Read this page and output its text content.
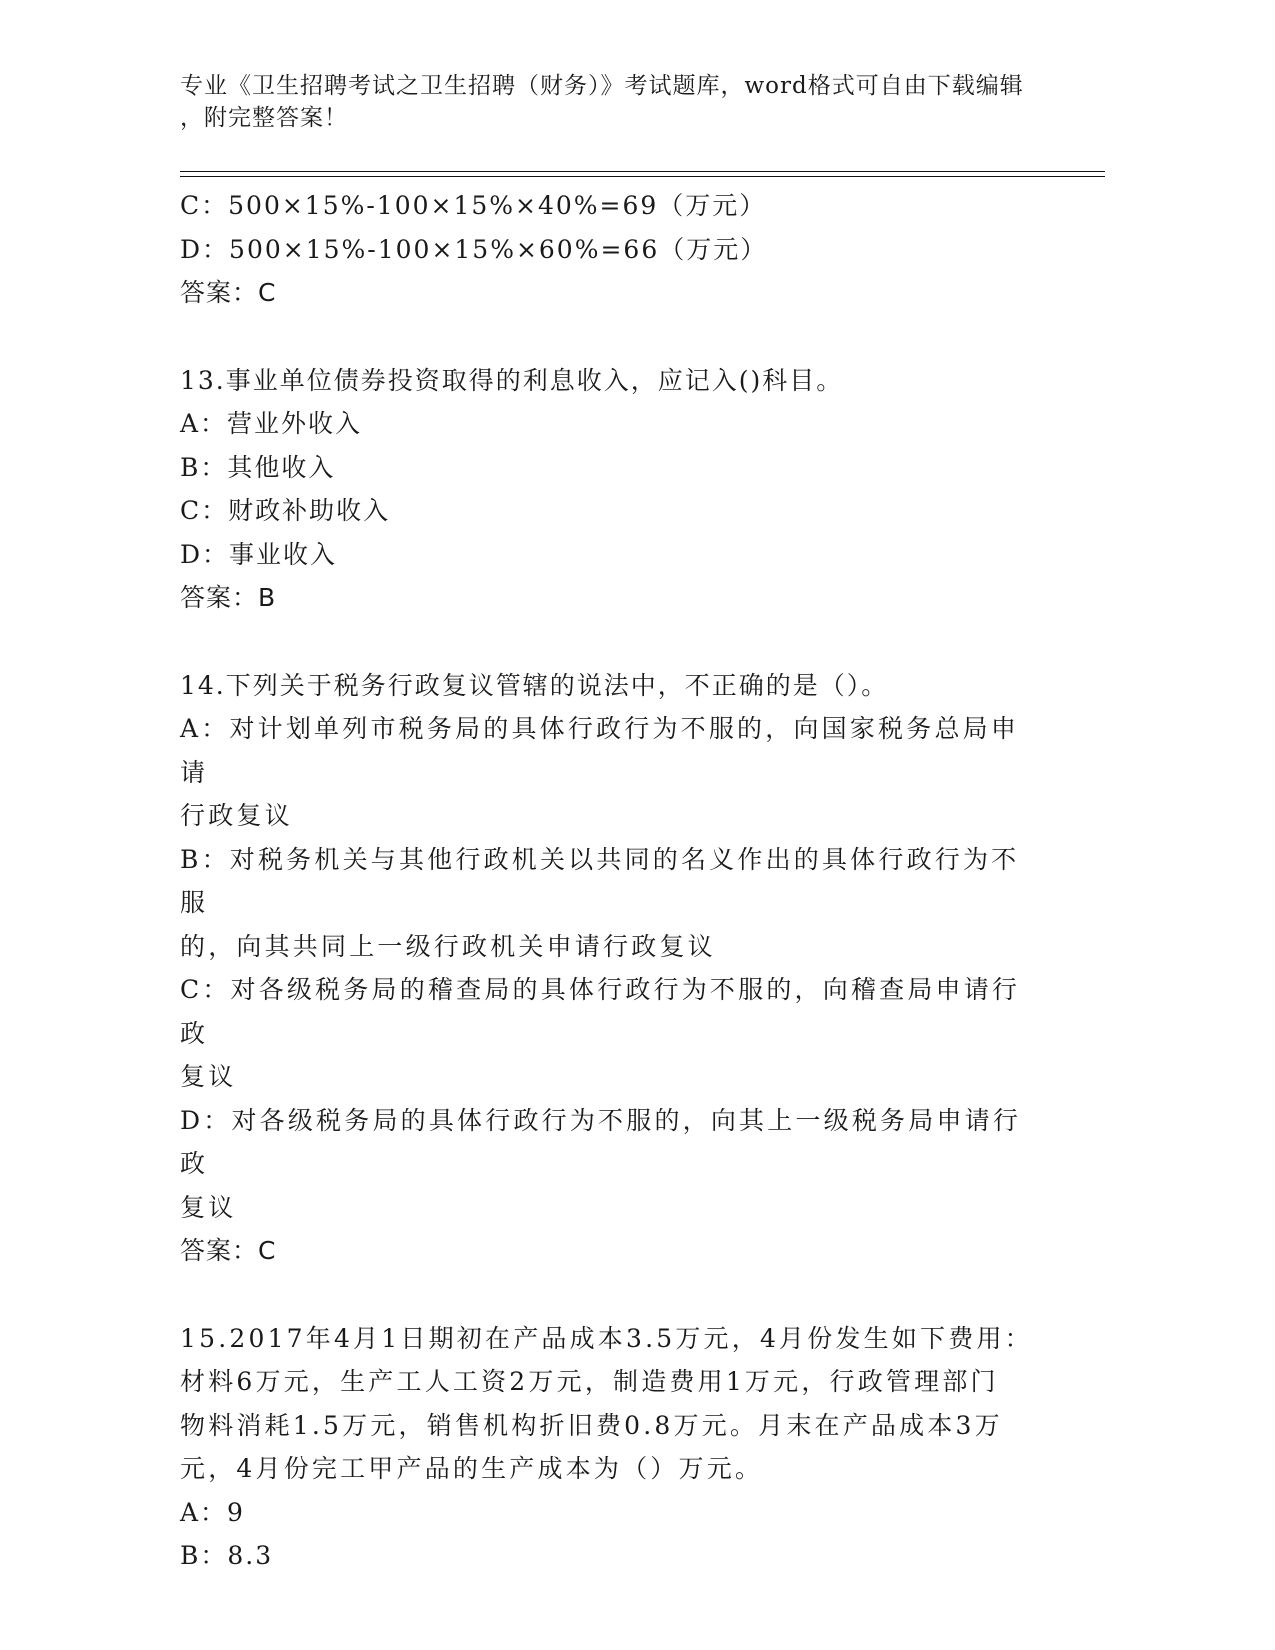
专业《卫生招聘考试之卫生招聘（财务）》考试题库，word格式可自由下载编辑
，附完整答案！
C：500×15%-100×15%×40%=69（万元）
D：500×15%-100×15%×60%=66（万元）
答案：C
13.事业单位债券投资取得的利息收入，应记入()科目。
A：营业外收入
B：其他收入
C：财政补助收入
D：事业收入
答案：B
14.下列关于税务行政复议管辖的说法中，不正确的是（）。
A：对计划单列市税务局的具体行政行为不服的，向国家税务总局申请
行政复议
B：对税务机关与其他行政机关以共同的名义作出的具体行政行为不服
的，向其共同上一级行政机关申请行政复议
C：对各级税务局的稽查局的具体行政行为不服的，向稽查局申请行政
复议
D：对各级税务局的具体行政行为不服的，向其上一级税务局申请行政
复议
答案：C
15.2017年4月1日期初在产品成本3.5万元，4月份发生如下费用：
材料6万元，生产工人工资2万元，制造费用1万元，行政管理部门
物料消耗1.5万元，销售机构折旧费0.8万元。月末在产品成本3万
元，4月份完工甲产品的生产成本为（）万元。
A：9
B：8.3
